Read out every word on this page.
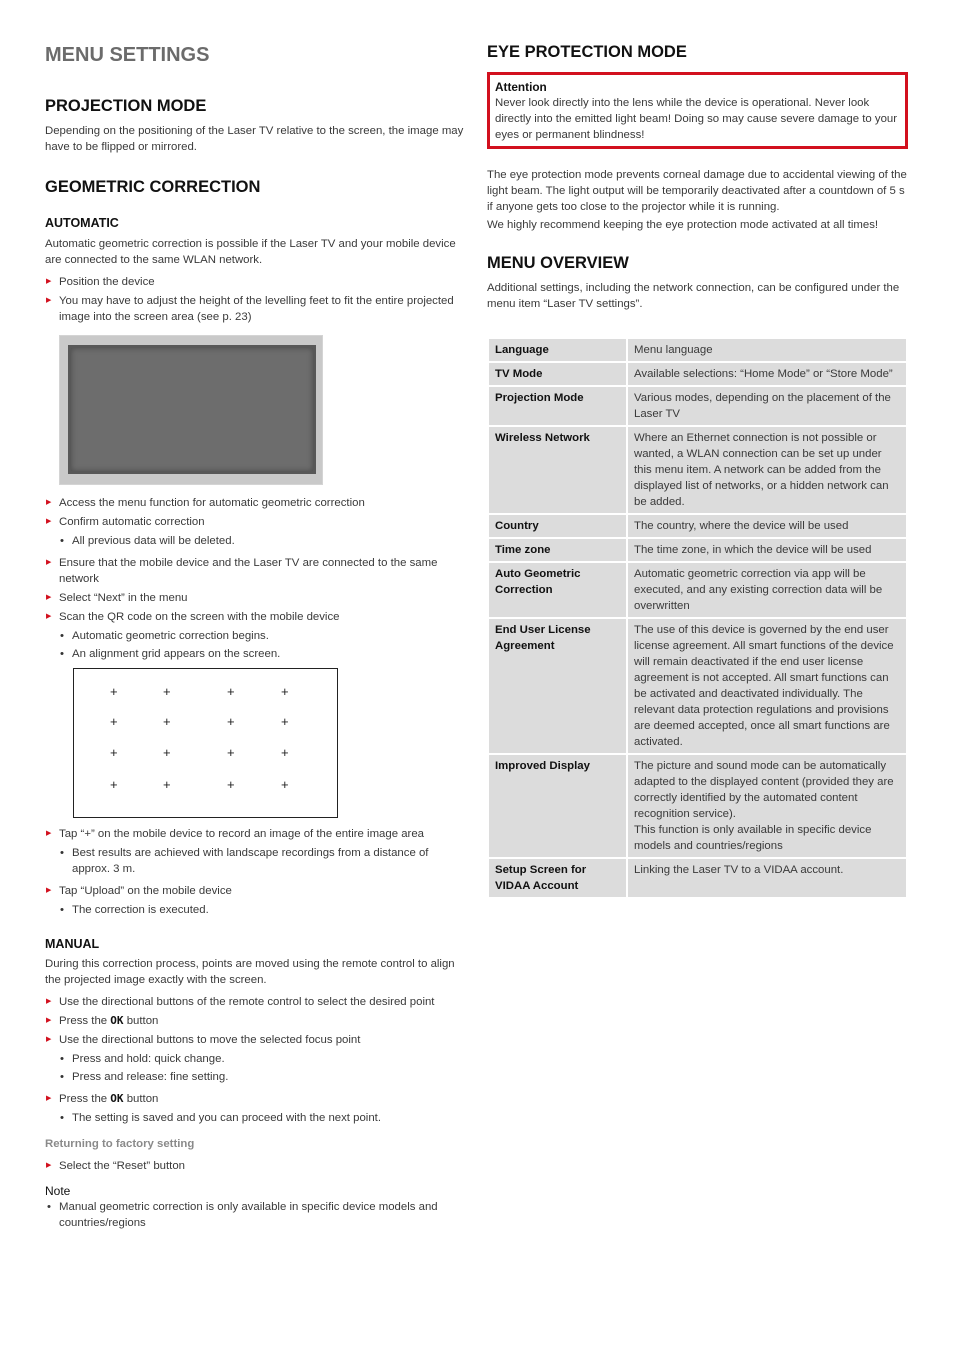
MENU SETTINGS
PROJECTION MODE

Depending on the positioning of the Laser TV relative to the screen, the image may have to be flipped or mirrored.

GEOMETRIC CORRECTION
AUTOMATIC

Automatic geometric correction is possible if the Laser TV and your mobile device are connected to the same WLAN network.

▶ Position the device
▶ You may have to adjust the height of the levelling feet to fit the entire projected image into the screen area (see p. 23)
▶ Access the menu function for automatic geometric correction
▶ Confirm automatic correction
• All previous data will be deleted.
▶ Ensure that the mobile device and the Laser TV are connected to the same network
▶ Select “Next” in the menu
▶ Scan the QR code on the screen with the mobile device
• Automatic geometric correction begins.
• An alignment grid appears on the screen.
+	+	+	+
+	+	+	+
+	+	+	+
+	+	+	+
▶ Tap “+” on the mobile device to record an image of the entire image area
• Best results are achieved with landscape recordings from a distance of approx. 3 m.
▶ Tap “Upload” on the mobile device
• The correction is executed.
MANUAL

During this correction process, points are moved using the remote control to align the projected image exactly with the screen.

▶ Use the directional buttons of the remote control to select the desired point
▶ Press the OK button
▶ Use the directional buttons to move the selected focus point
• Press and hold: quick change.
• Press and release: fine setting.
▶ Press the OK button
• The setting is saved and you can proceed with the next point.
Returning to factory setting
▶ Select the “Reset” button
Note
• Manual geometric correction is only available in specific device models and countries/regions
EYE PROTECTION MODE
Attention
Never look directly into the lens while the device is operational. Never look directly into the emitted light beam! Doing so may cause severe damage to your eyes or permanent blindness!

The eye protection mode prevents corneal damage due to accidental viewing of the light beam. The light output will be temporarily deactivated after a countdown of 5 s if anyone gets too close to the projector while it is running.

We highly recommend keeping the eye protection mode activated at all times!

MENU OVERVIEW

Additional settings, including the network connection, can be configured under the menu item “Laser TV settings”.

Language	Menu language
TV Mode	Available selections: “Home Mode” or “Store Mode”
Projection Mode	Various modes, depending on the placement of the Laser TV
Wireless Network	Where an Ethernet connection is not possible or wanted, a WLAN connection can be set up under this menu item. A network can be added from the displayed list of networks, or a hidden network can be added.
Country	The country, where the device will be used
Time zone	The time zone, in which the device will be used
Auto Geometric Correction	Automatic geometric correction via app will be executed, and any existing correction data will be overwritten
End User License Agreement	The use of this device is governed by the end user license agreement. All smart functions of the device will remain deactivated if the end user license agreement is not accepted. All smart functions can be activated and deactivated individually. The relevant data protection regulations and provisions are deemed accepted, once all smart functions are activated.
Improved Display	The picture and sound mode can be automatically adapted to the displayed content (provided they are correctly identified by the automated content recognition service).
This function is only available in specific device models and countries/regions

Setup Screen for VIDAA Account	Linking the Laser TV to a VIDAA account.
